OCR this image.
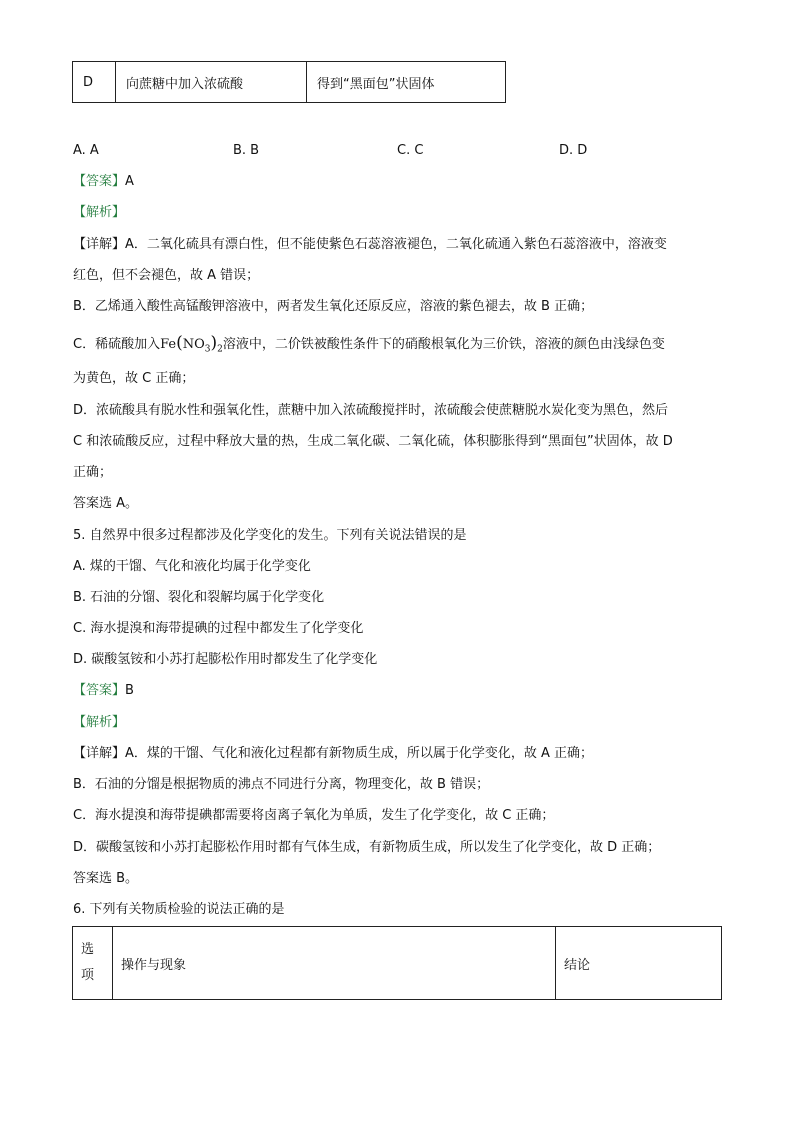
D	向蔗糖中加入浓硫酸	得到“黑面包”状固体
A. A	B. B	C. C	D. D
【答案】A
【解析】
【详解】A．二氧化硫具有漂白性，但不能使紫色石蕊溶液褪色，二氧化硫通入紫色石蕊溶液中，溶液变
红色，但不会褪色，故 A 错误；
B．乙烯通入酸性高锰酸钾溶液中，两者发生氧化还原反应，溶液的紫色褪去，故 B 正确；
C．稀硫酸加入$Fe(NO_3)_2$溶液中，二价铁被酸性条件下的硝酸根氧化为三价铁，溶液的颜色由浅绿色变
为黄色，故 C 正确；
D．浓硫酸具有脱水性和强氧化性，蔗糖中加入浓硫酸搅拌时，浓硫酸会使蔗糖脱水炭化变为黑色，然后
C 和浓硫酸反应，过程中释放大量的热，生成二氧化碳、二氧化硫，体积膨胀得到“黑面包”状固体，故 D
正确；
答案选 A。
5. 自然界中很多过程都涉及化学变化的发生。下列有关说法错误的是
A. 煤的干馏、气化和液化均属于化学变化
B. 石油的分馏、裂化和裂解均属于化学变化
C. 海水提溴和海带提碘的过程中都发生了化学变化
D. 碳酸氢铵和小苏打起膨松作用时都发生了化学变化
【答案】B
【解析】
【详解】A．煤的干馏、气化和液化过程都有新物质生成，所以属于化学变化，故 A 正确；
B．石油的分馏是根据物质的沸点不同进行分离，物理变化，故 B 错误；
C．海水提溴和海带提碘都需要将卤离子氧化为单质，发生了化学变化，故 C 正确；
D．碳酸氢铵和小苏打起膨松作用时都有气体生成，有新物质生成，所以发生了化学变化，故 D 正确；
答案选 B。
6. 下列有关物质检验的说法正确的是
选
项
	操作与现象	结论
